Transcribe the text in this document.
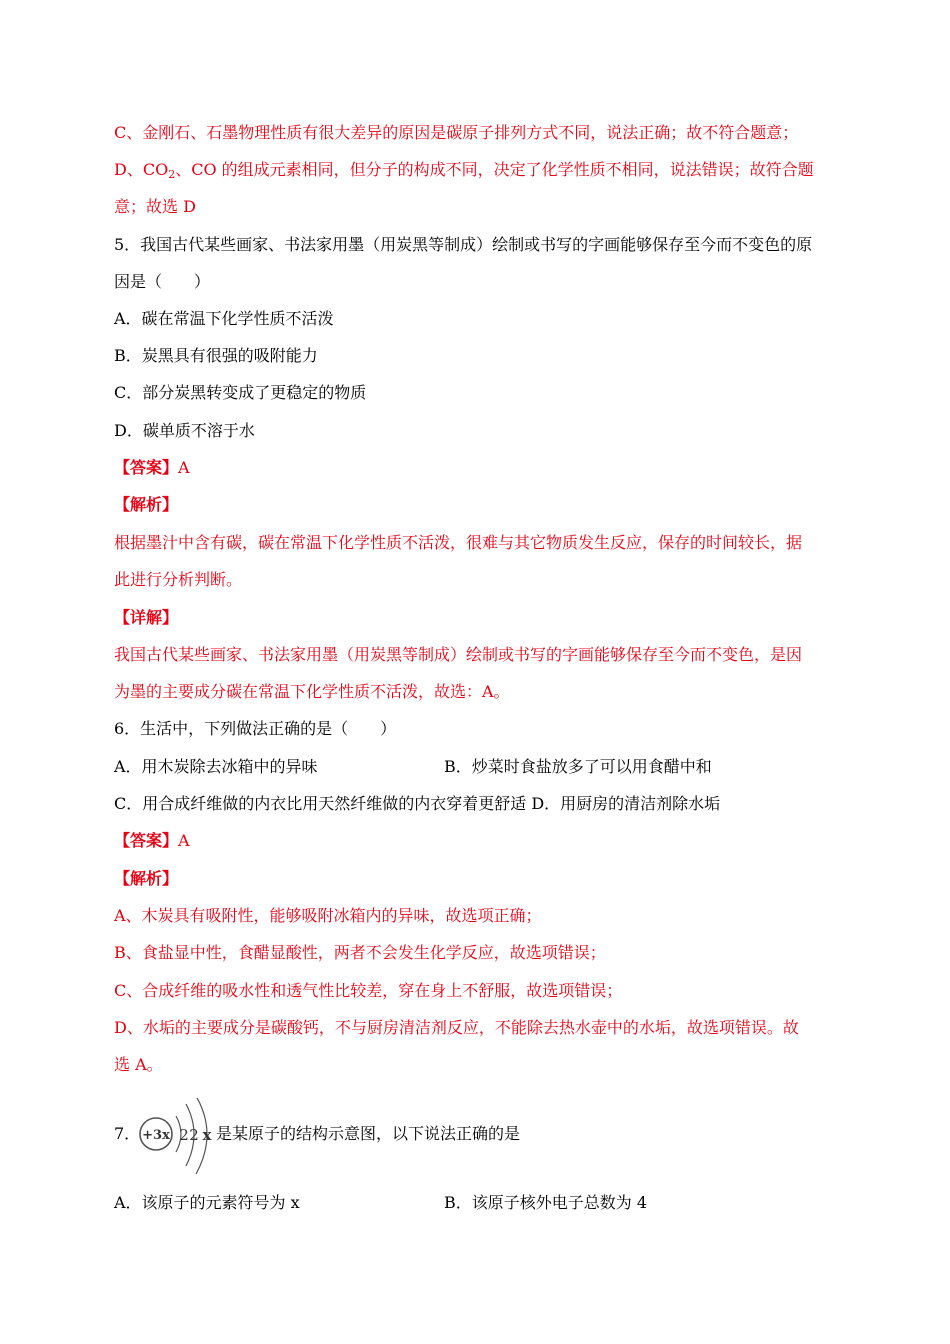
C、金刚石、石墨物理性质有很大差异的原因是碳原子排列方式不同，说法正确；故不符合题意；
D、$CO_2$、CO 的组成元素相同，但分子的构成不同，决定了化学性质不相同，说法错误；故符合题
意；故选 D
5．我国古代某些画家、书法家用墨（用炭黑等制成）绘制或书写的字画能够保存至今而不变色的原
因是（　　）
A．碳在常温下化学性质不活泼
B．炭黑具有很强的吸附能力
C．部分炭黑转变成了更稳定的物质
D．碳单质不溶于水
【答案】A
【解析】
根据墨汁中含有碳，碳在常温下化学性质不活泼，很难与其它物质发生反应，保存的时间较长，据
此进行分析判断。
【详解】
我国古代某些画家、书法家用墨（用炭黑等制成）绘制或书写的字画能够保存至今而不变色，是因
为墨的主要成分碳在常温下化学性质不活泼，故选：A。
6．生活中，下列做法正确的是（　　）
A．用木炭除去冰箱中的异味	B．炒菜时食盐放多了可以用食醋中和
C．用合成纤维做的内衣比用天然纤维做的内衣穿着更舒适 D．用厨房的清洁剂除水垢
【答案】A
【解析】
A、木炭具有吸附性，能够吸附冰箱内的异味，故选项正确；
B、食盐显中性，食醋显酸性，两者不会发生化学反应，故选项错误；
C、合成纤维的吸水性和透气性比较差，穿在身上不舒服，故选项错误；
D、水垢的主要成分是碳酸钙，不与厨房清洁剂反应，不能除去热水壶中的水垢，故选项错误。故
选 A。
7． +3x 2 2 x 是某原子的结构示意图，以下说法正确的是
A．该原子的元素符号为 x	B．该原子核外电子总数为 4
